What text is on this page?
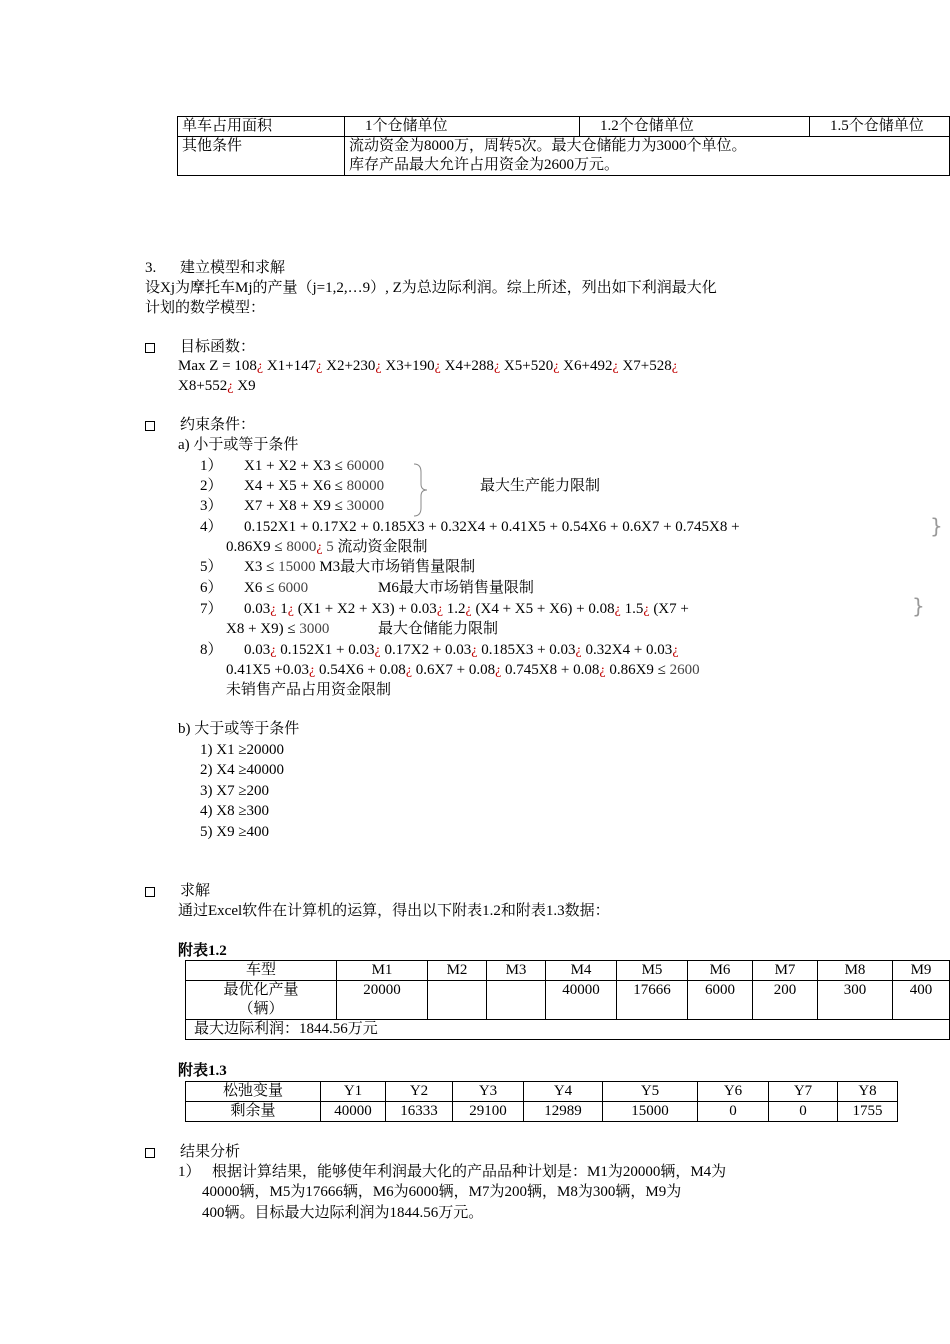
单车占用面积	1个仓储单位	1.2个仓储单位	1.5个仓储单位
其他条件	流动资金为8000万，周转5次。最大仓储能力为3000个单位。
库存产品最大允许占用资金为2600万元。		
3. 建立模型和求解
设Xj为摩托车Mj的产量（j=1,2,…9）, Z为总边际利润。综上所述，列出如下利润最大化
计划的数学模型：
目标函数：
Max Z = 108¿ X1+147¿ X2+230¿ X3+190¿ X4+288¿ X5+520¿ X6+492¿ X7+528¿
X8+552¿ X9
约束条件：
a) 小于或等于条件
1） X1 + X2 + X3 ≤ 60000
2） X4 + X5 + X6 ≤ 80000
3） X7 + X8 + X9 ≤ 30000
最大生产能力限制
4） 0.152X1 + 0.17X2 + 0.185X3 + 0.32X4 + 0.41X5 + 0.54X6 + 0.6X7 + 0.745X8 +
0.86X9 ≤ 8000¿ 5 流动资金限制
5） X3 ≤ 15000 M3最大市场销售量限制
6） X6 ≤ 6000	M6最大市场销售量限制
7） 0.03¿ 1¿ (X1 + X2 + X3) + 0.03¿ 1.2¿ (X4 + X5 + X6) + 0.08¿ 1.5¿ (X7 +
X8 + X9) ≤ 3000	最大仓储能力限制
8） 0.03¿ 0.152X1 + 0.03¿ 0.17X2 + 0.03¿ 0.185X3 + 0.03¿ 0.32X4 + 0.03¿
0.41X5 +0.03¿ 0.54X6 + 0.08¿ 0.6X7 + 0.08¿ 0.745X8 + 0.08¿ 0.86X9 ≤ 2600
未销售产品占用资金限制
b) 大于或等于条件
1) X1 ≥20000
2) X4 ≥40000
3) X7 ≥200
4) X8 ≥300
5) X9 ≥400
}
}
求解
通过Excel软件在计算机的运算，得出以下附表1.2和附表1.3数据：
附表1.2
车型	M1	M2	M3	M4	M5	M6	M7	M8	M9

最优化产量
（辆）	20000			40000	17666	6000	200	300	400
最大边际利润：1844.56万元									
附表1.3
松弛变量	Y1	Y2	Y3	Y4	Y5	Y6	Y7	Y8
剩余量	40000	16333	29100	12989	15000	0	0	1755
结果分析
1） 根据计算结果，能够使年利润最大化的产品品种计划是：M1为20000辆，M4为
40000辆，M5为17666辆，M6为6000辆，M7为200辆，M8为300辆，M9为
400辆。目标最大边际利润为1844.56万元。
